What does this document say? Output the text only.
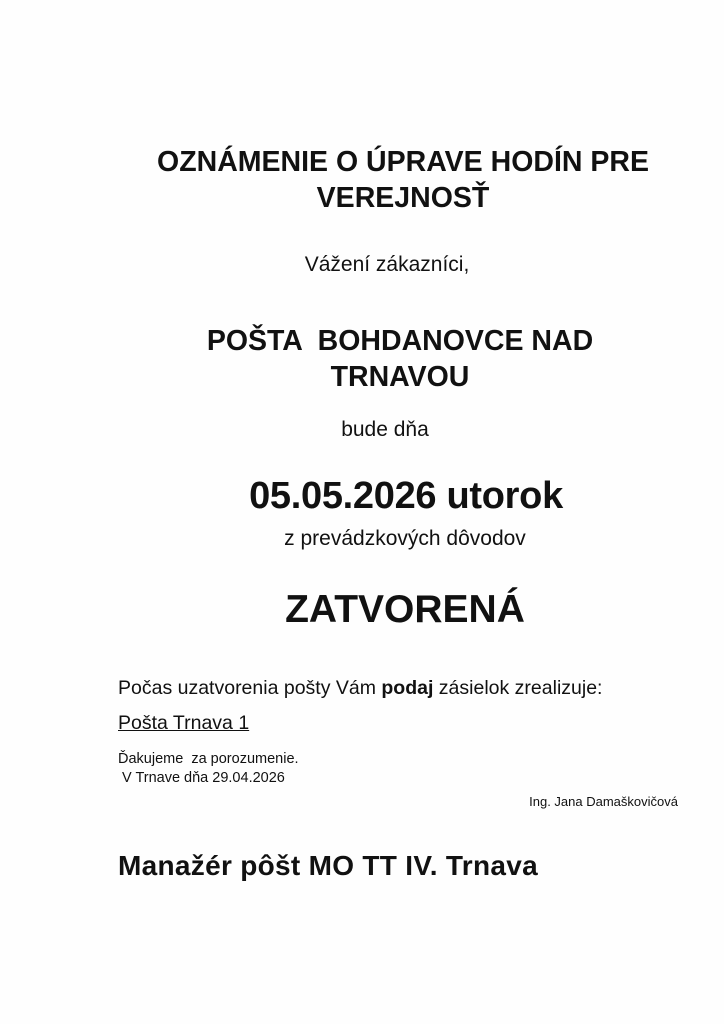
OZNÁMENIE O ÚPRAVE HODÍN PRE
VEREJNOSŤ
Vážení zákazníci,
POŠTA  BOHDANOVCE NAD
TRNAVOU
bude dňa
05.05.2026 utorok
z prevádzkových dôvodov
ZATVORENÁ
Počas uzatvorenia pošty Vám podaj zásielok zrealizuje:
Pošta Trnava 1
Ďakujeme  za porozumenie.
V Trnave dňa 29.04.2026
Ing. Jana Damaškovičová
Manažér pôšt MO TT IV. Trnava
